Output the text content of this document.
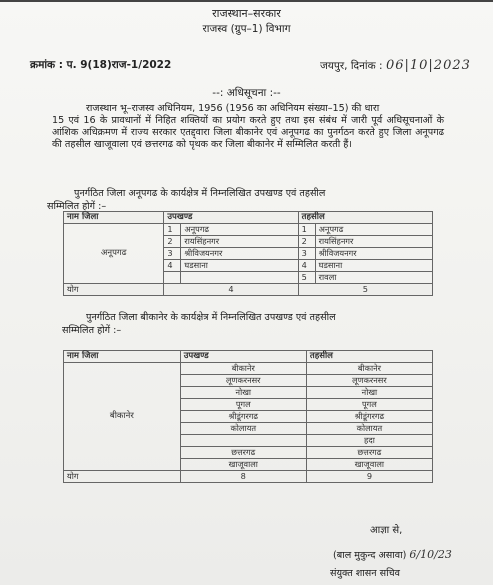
राजस्थान–सरकार
राजस्व (ग्रुप–1) विभाग
क्रमांक : प. 9(18)राज-1/2022	जयपुर, दिनांक : 06|10|2023
--: अधिसूचना :--
राजस्थान भू–राजस्व अधिनियम, 1956 (1956 का अधिनियम संख्या–15) की धारा
15 एवं 16 के प्रावधानों में निहित शक्तियों का प्रयोग करते हुए तथा इस संबंध में जारी पूर्व अधिसूचनाओं के आंशिक अधिक्रमण में राज्य सरकार एतद्द्वारा जिला बीकानेर एवं अनूपगढ का पुनर्गठन करते हुए जिला अनूपगढ की तहसील खाजूवाला एवं छत्तरगढ को पृथक कर जिला बीकानेर में सम्मिलित करती हैं।
पुनर्गठित जिला अनूपगढ के कार्यक्षेत्र में निम्नलिखित उपखण्ड एवं तहसील
सम्मिलित होगें :–
नाम जिला	उपखण्ड		तहसील	
अनूपगढ	1	अनूपगढ	1	अनूपगढ
	2	रायसिंहनगर	2	रायसिंहनगर
	3	श्रीविजयनगर	3	श्रीविजयनगर
	4	घडसाना	4	घडसाना
			5	रावला
योग	4		5	
पुनर्गठित जिला बीकानेर के कार्यक्षेत्र में निम्नलिखित उपखण्ड एवं तहसील
सम्मिलित होगें :–
नाम जिला	उपखण्ड	तहसील
बीकानेर	बीकानेर	बीकानेर
	लूणकरनसर	लूणकरनसर
	नोखा	नोखा
	पूगल	पूगल
	श्रीडूंगरगढ	श्रीडूंगरगढ
	कोलायत	कोलायत
		हदा
	छत्तरगढ	छत्तरगढ
	खाजूवाला	खाजूवाला
योग	8	9
आज्ञा से,
(बाल मुकुन्द असावा) 6/10/23
संयुक्त शासन सचिव
